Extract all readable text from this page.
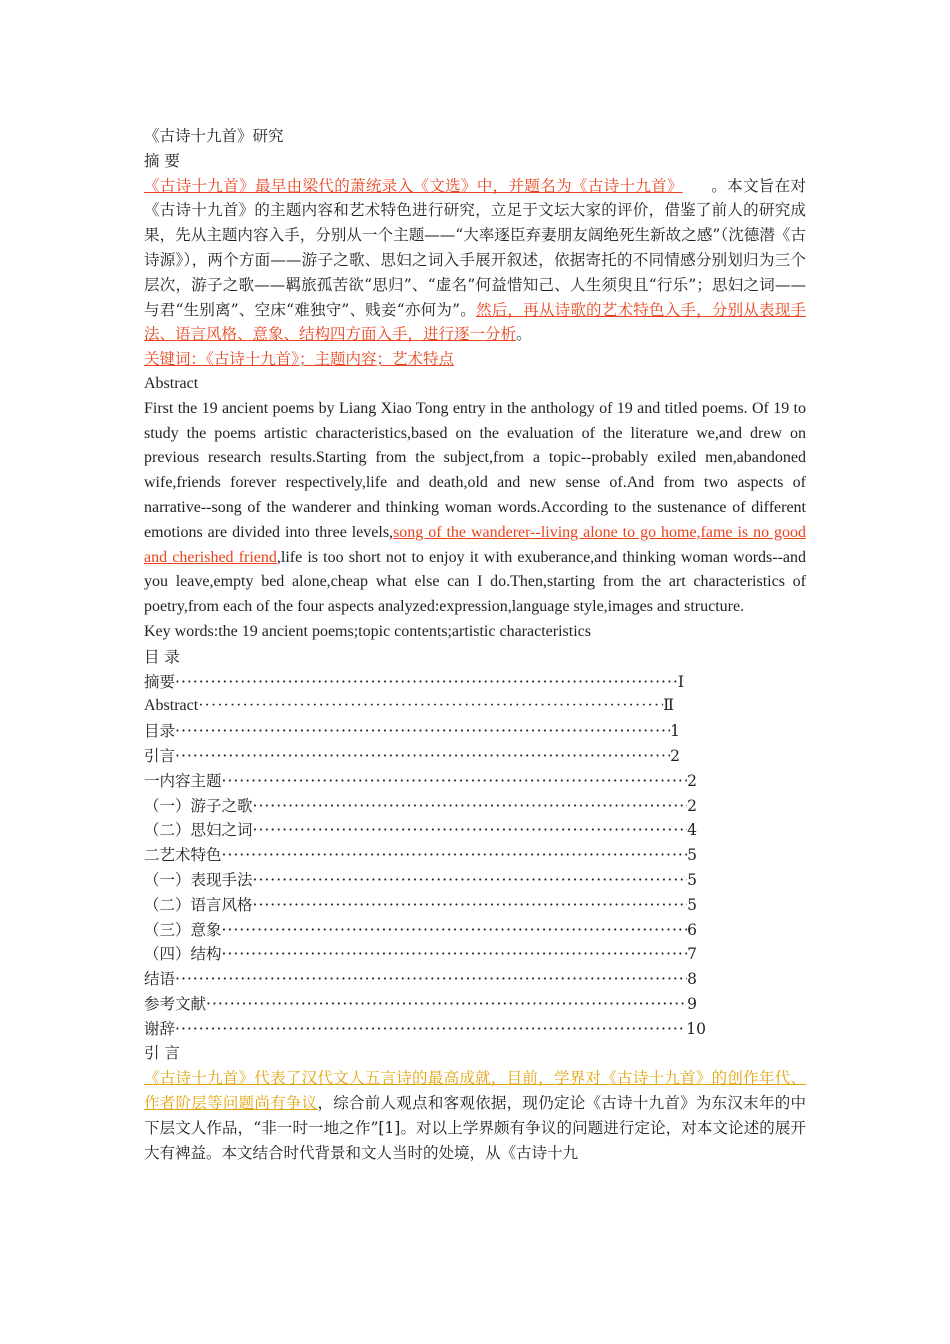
《古诗十九首》研究
摘 要
《古诗十九首》最早由梁代的萧统录入《文选》中，并题名为《古诗十九首》 。本文旨在对《古诗十九首》的主题内容和艺术特色进行研究，立足于文坛大家的评价，借鉴了前人的研究成果，先从主题内容入手，分别从一个主题——“大率逐臣弃妻朋友阔绝死生新故之感”（沈德潜《古诗源》），两个方面——游子之歌、思妇之词入手展开叙述，依据寄托的不同情感分别划归为三个层次，游子之歌——羁旅孤苦欲“思归”、“虚名”何益惜知己、人生须臾且“行乐”；思妇之词——与君“生别离”、空床“难独守”、贱妾“亦何为”。然后，再从诗歌的艺术特色入手，分别从表现手法、语言风格、意象、结构四方面入手，进行逐一分析。
关键词：《古诗十九首》；主题内容；艺术特点
Abstract
First the 19 ancient poems by Liang Xiao Tong entry in the anthology of 19 and titled poems. Of 19 to study the poems artistic characteristics,based on the evaluation of the literature we,and drew on previous research results.Starting from the subject,from a topic--probably exiled men,abandoned wife,friends forever respectively,life and death,old and new sense of.And from two aspects of narrative--song of the wanderer and thinking woman words.According to the sustenance of different emotions are divided into three levels,song of the wanderer--living alone to go home,fame is no good and cherished friend,life is too short not to enjoy it with exuberance,and thinking woman words--and you leave,empty bed alone,cheap what else can I do.Then,starting from the art characteristics of poetry,from each of the four aspects analyzed:expression,language style,images and structure.
Key words:the 19 ancient poems;topic contents;artistic characteristics
目 录
摘要 ·····	Ⅰ
Abstract ·····	Ⅱ
目录 ·····	1
引言 ·····	2
一内容主题 ·····	2
（一）游子之歌 ·····	2
（二）思妇之词 ·····	4
二艺术特色 ·····	5
（一）表现手法 ·····	5
（二）语言风格 ·····	5
（三）意象 ·····	6
（四）结构 ·····	7
结语 ·····	8
参考文献 ·····	9
谢辞 ·····	10
引 言
《古诗十九首》代表了汉代文人五言诗的最高成就，目前，学界对《古诗十九首》的创作年代、作者阶层等问题尚有争议，综合前人观点和客观依据，现仍定论《古诗十九首》为东汉末年的中下层文人作品，“非一时一地之作”[1]。对以上学界颇有争议的问题进行定论，对本文论述的展开大有裨益。本文结合时代背景和文人当时的处境，从《古诗十九
